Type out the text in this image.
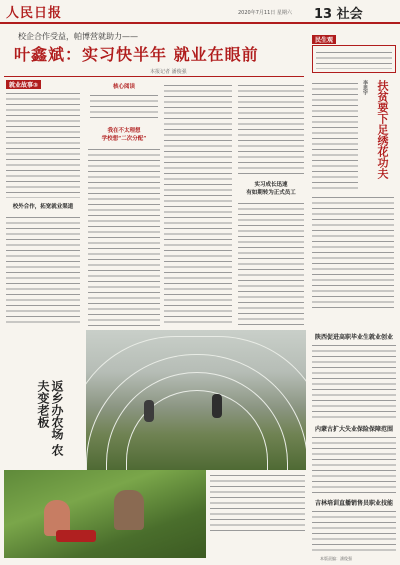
人民日报	2020年7月11日 星期六 13 社会
校企合作受益，帕博营就助力——
叶鑫斌：实习快半年 就业在眼前
本报记者 潘俊强
就业故事③
校外合作，拓宽就业渠道
返乡办农场 农夫变老板
核心阅读
我在不太理想
学校想“二次分配”
实习成长迅速
有如期转为正式员工
民生观
扶贫要下足绣花功夫
李思宇
陕西促进高职毕业生就业创业
内蒙古扩大失业保险保障范围
吉林培训直播销售员职业技能
本版责编：潘俊强
